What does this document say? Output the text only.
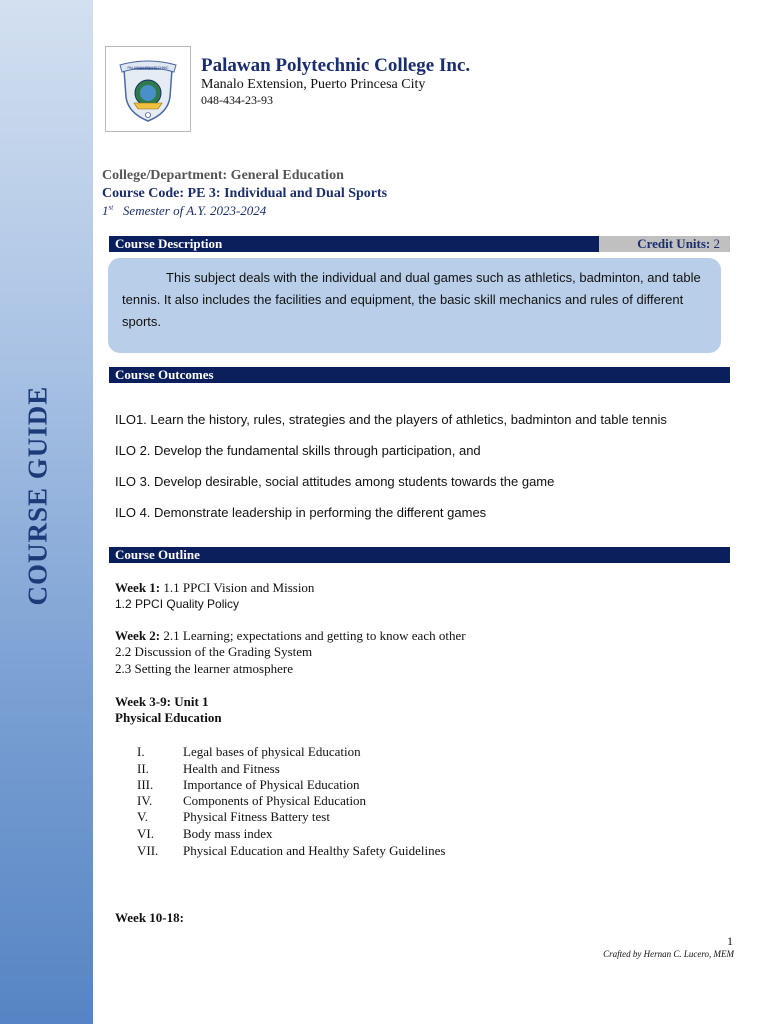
COURSE GUIDE
PALAWAN POLYTECHNIC Palawan Polytechnic College Inc.
Manalo Extension, Puerto Princesa City
048-434-23-93
College/Department: General Education
Course Code: PE 3: Individual and Dual Sports
1st Semester of A.Y. 2023-2024
Course Description	Credit Units: 2
This subject deals with the individual and dual games such as athletics, badminton, and table tennis. It also includes the facilities and equipment, the basic skill mechanics and rules of different sports.
Course Outcomes
ILO1. Learn the history, rules, strategies and the players of athletics, badminton and table tennis
ILO 2. Develop the fundamental skills through participation, and
ILO 3. Develop desirable, social attitudes among students towards the game
ILO 4. Demonstrate leadership in performing the different games
Course Outline
Week 1: 1.1 PPCI Vision and Mission
1.2 PPCI Quality Policy
Week 2: 2.1 Learning; expectations and getting to know each other
2.2 Discussion of the Grading System
2.3 Setting the learner atmosphere
Week 3-9: Unit 1
Physical Education
I.	Legal bases of physical Education
II.	Health and Fitness
III. Importance of Physical Education
IV. Components of Physical Education
V.	Physical Fitness Battery test
VI. Body mass index
VII. Physical Education and Healthy Safety Guidelines
Week 10-18:
1
Crafted by Hernan C. Lucero, MEM
